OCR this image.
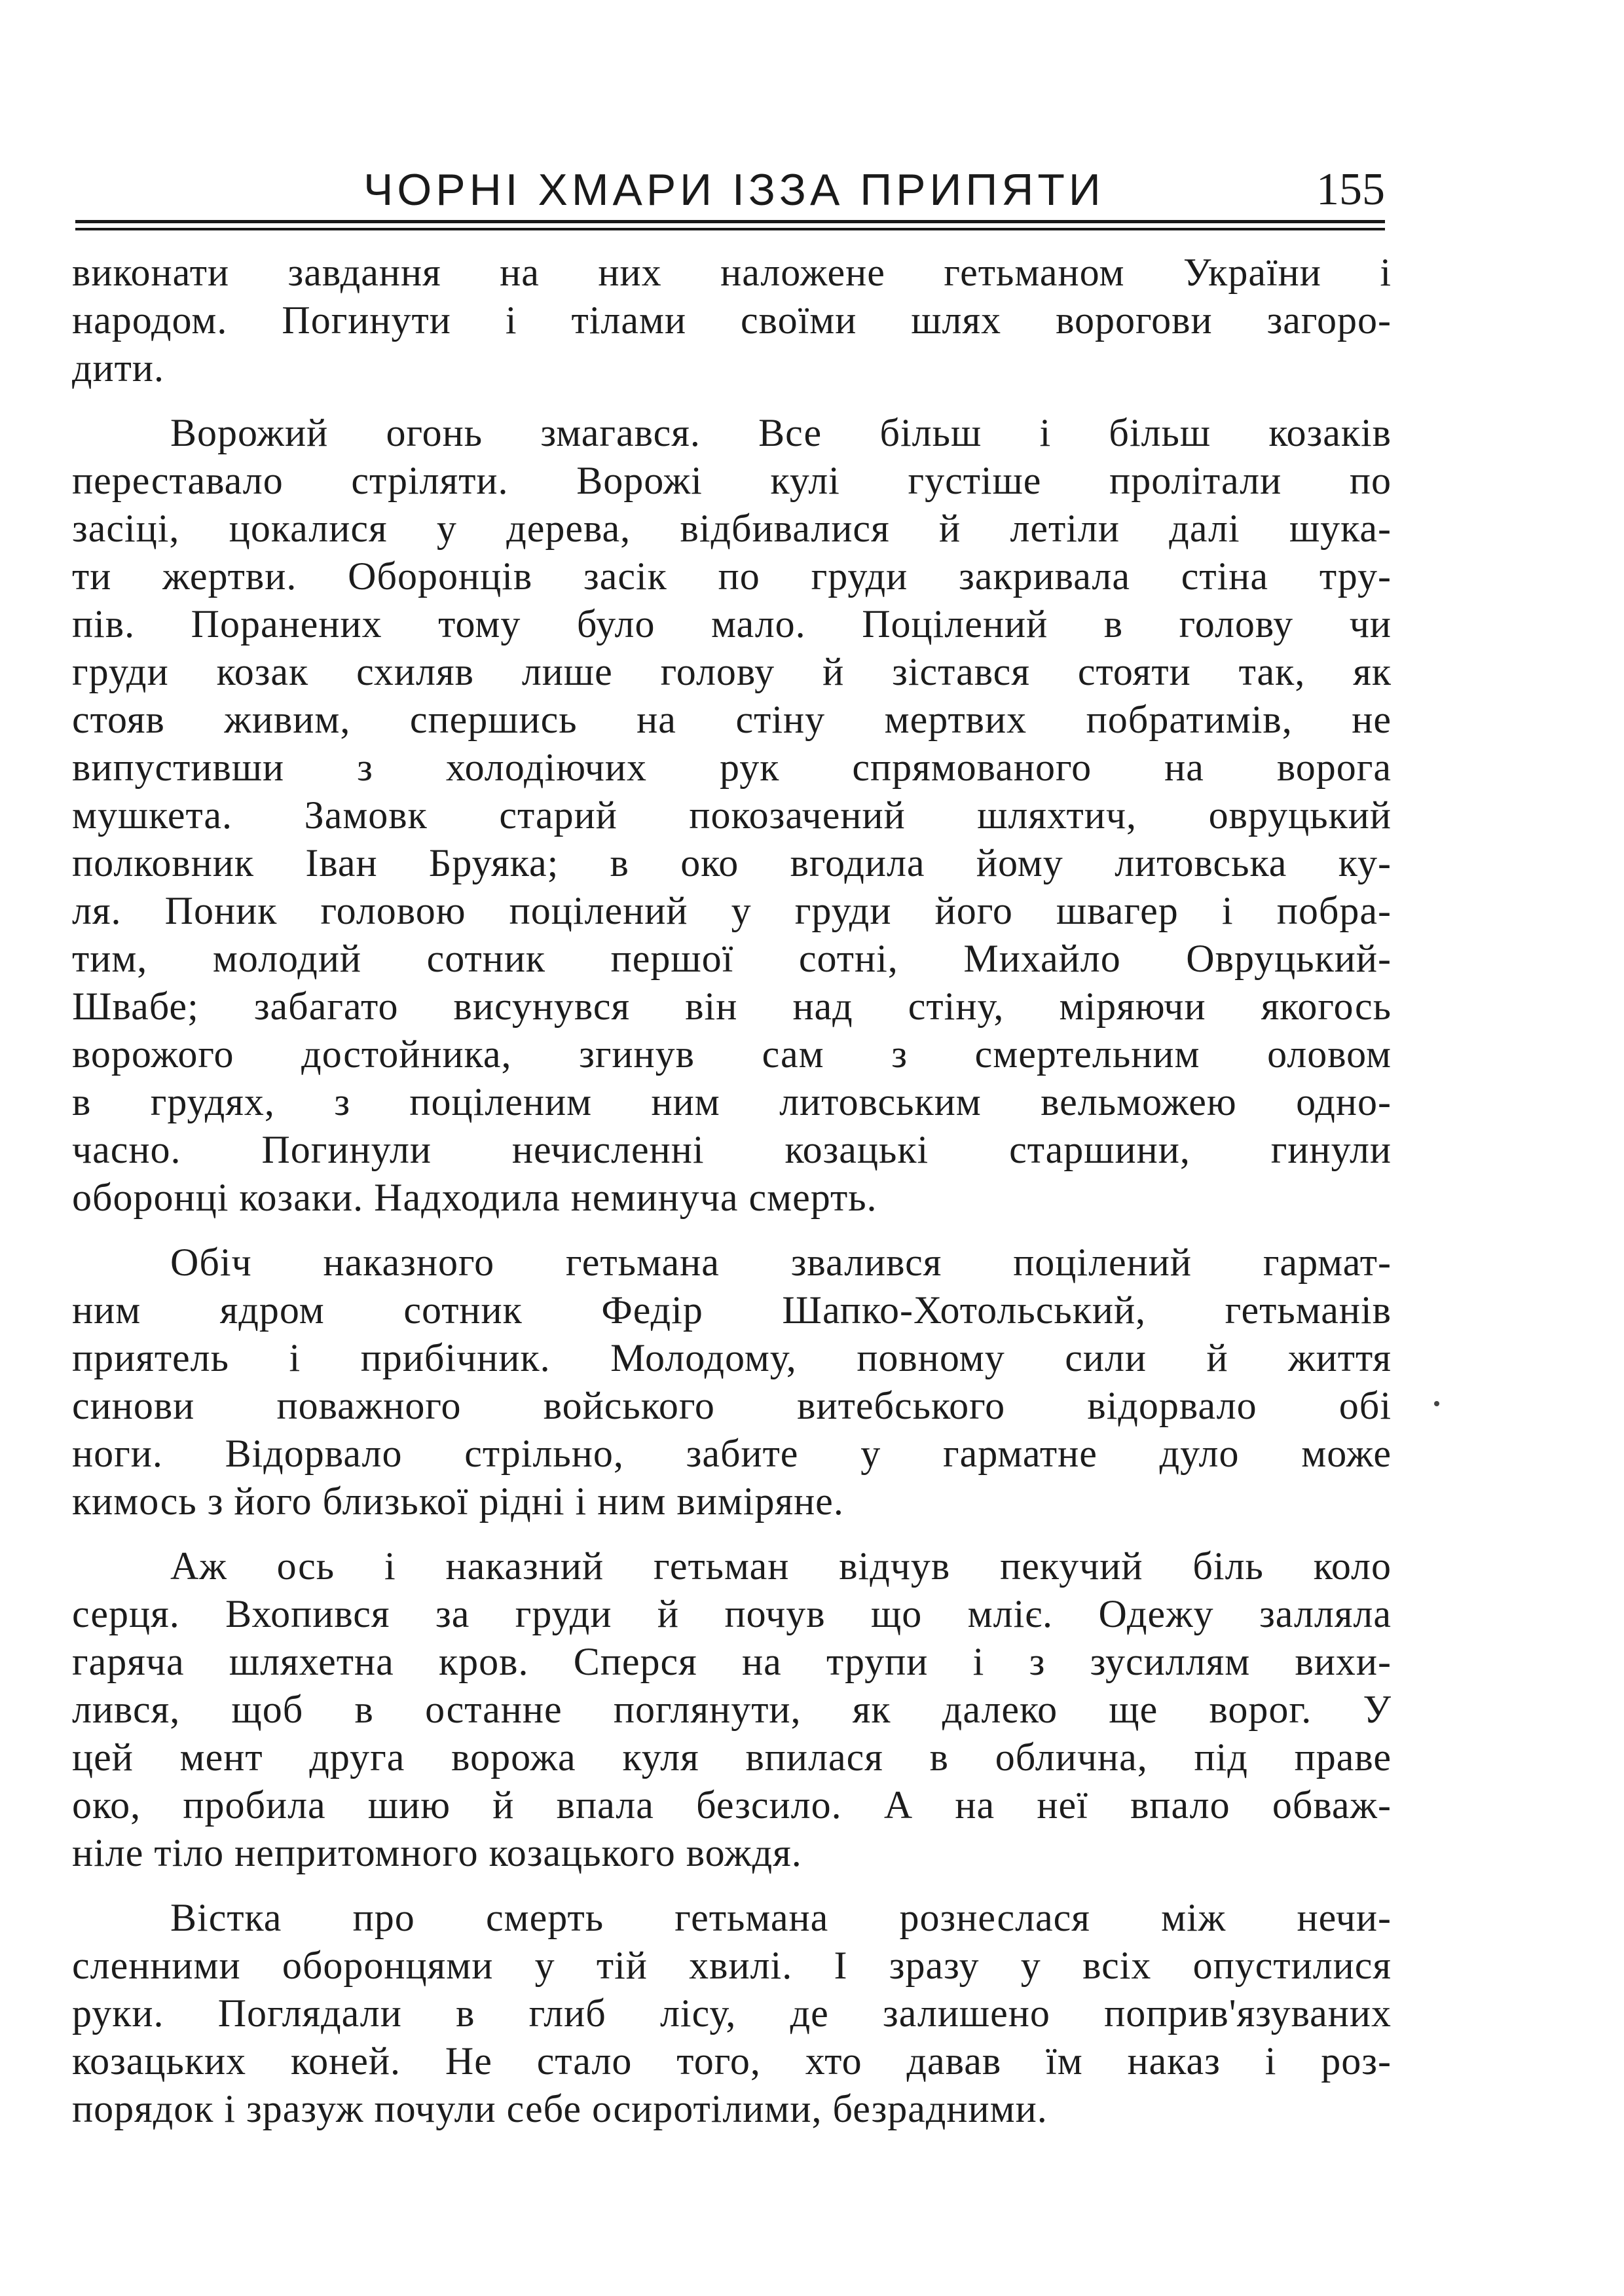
ЧОРНІ ХМАРИ ІЗЗА ПРИПЯТИ	155
виконати завдання на них наложене гетьманом України і
народом. Погинути і тілами своїми шлях ворогови загоро-
дити.
Ворожий огонь змагався. Все більш і більш козаків
переставало стріляти. Ворожі кулі густіше пролітали по
засіці, цокалися у дерева, відбивалися й летіли далі шука-
ти жертви. Оборонців засік по груди закривала стіна тру-
пів. Поранених тому було мало. Поцілений в голову чи
груди козак схиляв лише голову й зістався стояти так, як
стояв живим, спершись на стіну мертвих побратимів, не
випустивши з холодіючих рук спрямованого на ворога
мушкета. Замовк старий покозачений шляхтич, овруцький
полковник Іван Бруяка; в око вгодила йому литовська ку-
ля. Поник головою поцілений у груди його швагер і побра-
тим, молодий сотник першої сотні, Михайло Овруцький-
Швабе; забагато висунувся він над стіну, міряючи якогось
ворожого достойника, згинув сам з смертельним оловом
в грудях, з поціленим ним литовським вельможею одно-
часно. Погинули нечисленні козацькі старшини, гинули
оборонці козаки. Надходила неминуча смерть.
Обіч наказного гетьмана звалився поцілений гармат-
ним ядром сотник Федір Шапко-Хотольський, гетьманів
приятель і прибічник. Молодому, повному сили й життя
синови поважного войського витебського відорвало обі
ноги. Відорвало стрільно, забите у гарматне дуло може
кимось з його близької рідні і ним виміряне.
Аж ось і наказний гетьман відчув пекучий біль коло
серця. Вхопився за груди й почув що мліє. Одежу залляла
гаряча шляхетна кров. Сперся на трупи і з зусиллям вихи-
лився, щоб в останне поглянути, як далеко ще ворог. У
цей мент друга ворожа куля впилася в облична, під праве
око, пробила шию й впала безсило. А на неї впало обваж-
ніле тіло непритомного козацького вождя.
Вістка про смерть гетьмана рознеслася між нечи-
сленними оборонцями у тій хвилі. І зразу у всіх опустилися
руки. Поглядали в глиб лісу, де залишено поприв'язуваних
козацьких коней. Не стало того, хто давав їм наказ і роз-
порядок і зразуж почули себе осиротілими, безрадними.
